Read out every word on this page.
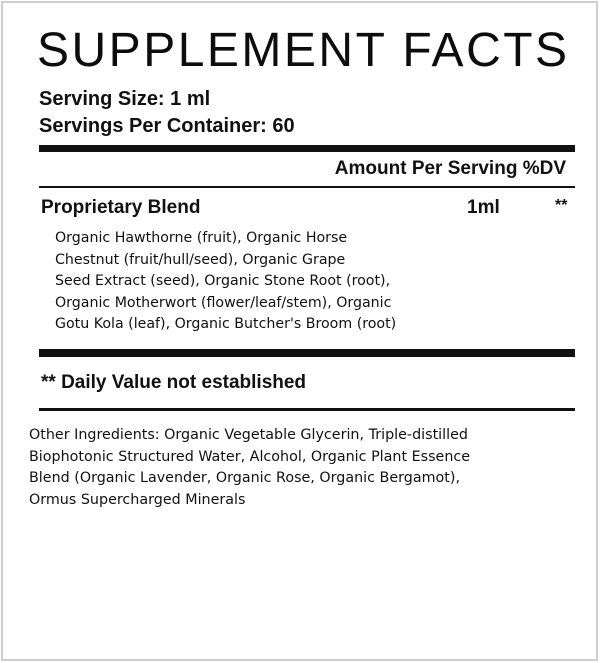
SUPPLEMENT FACTS
Serving Size: 1 ml
Servings Per Container: 60
Amount Per Serving %DV
Proprietary Blend	1ml	**
Organic Hawthorne (fruit), Organic Horse
Chestnut (fruit/hull/seed), Organic Grape
Seed Extract (seed), Organic Stone Root (root),
Organic Motherwort (flower/leaf/stem), Organic
Gotu Kola (leaf), Organic Butcher's Broom (root)
** Daily Value not established
Other Ingredients: Organic Vegetable Glycerin, Triple-distilled
Biophotonic Structured Water, Alcohol, Organic Plant Essence
Blend (Organic Lavender, Organic Rose, Organic Bergamot),
Ormus Supercharged Minerals
